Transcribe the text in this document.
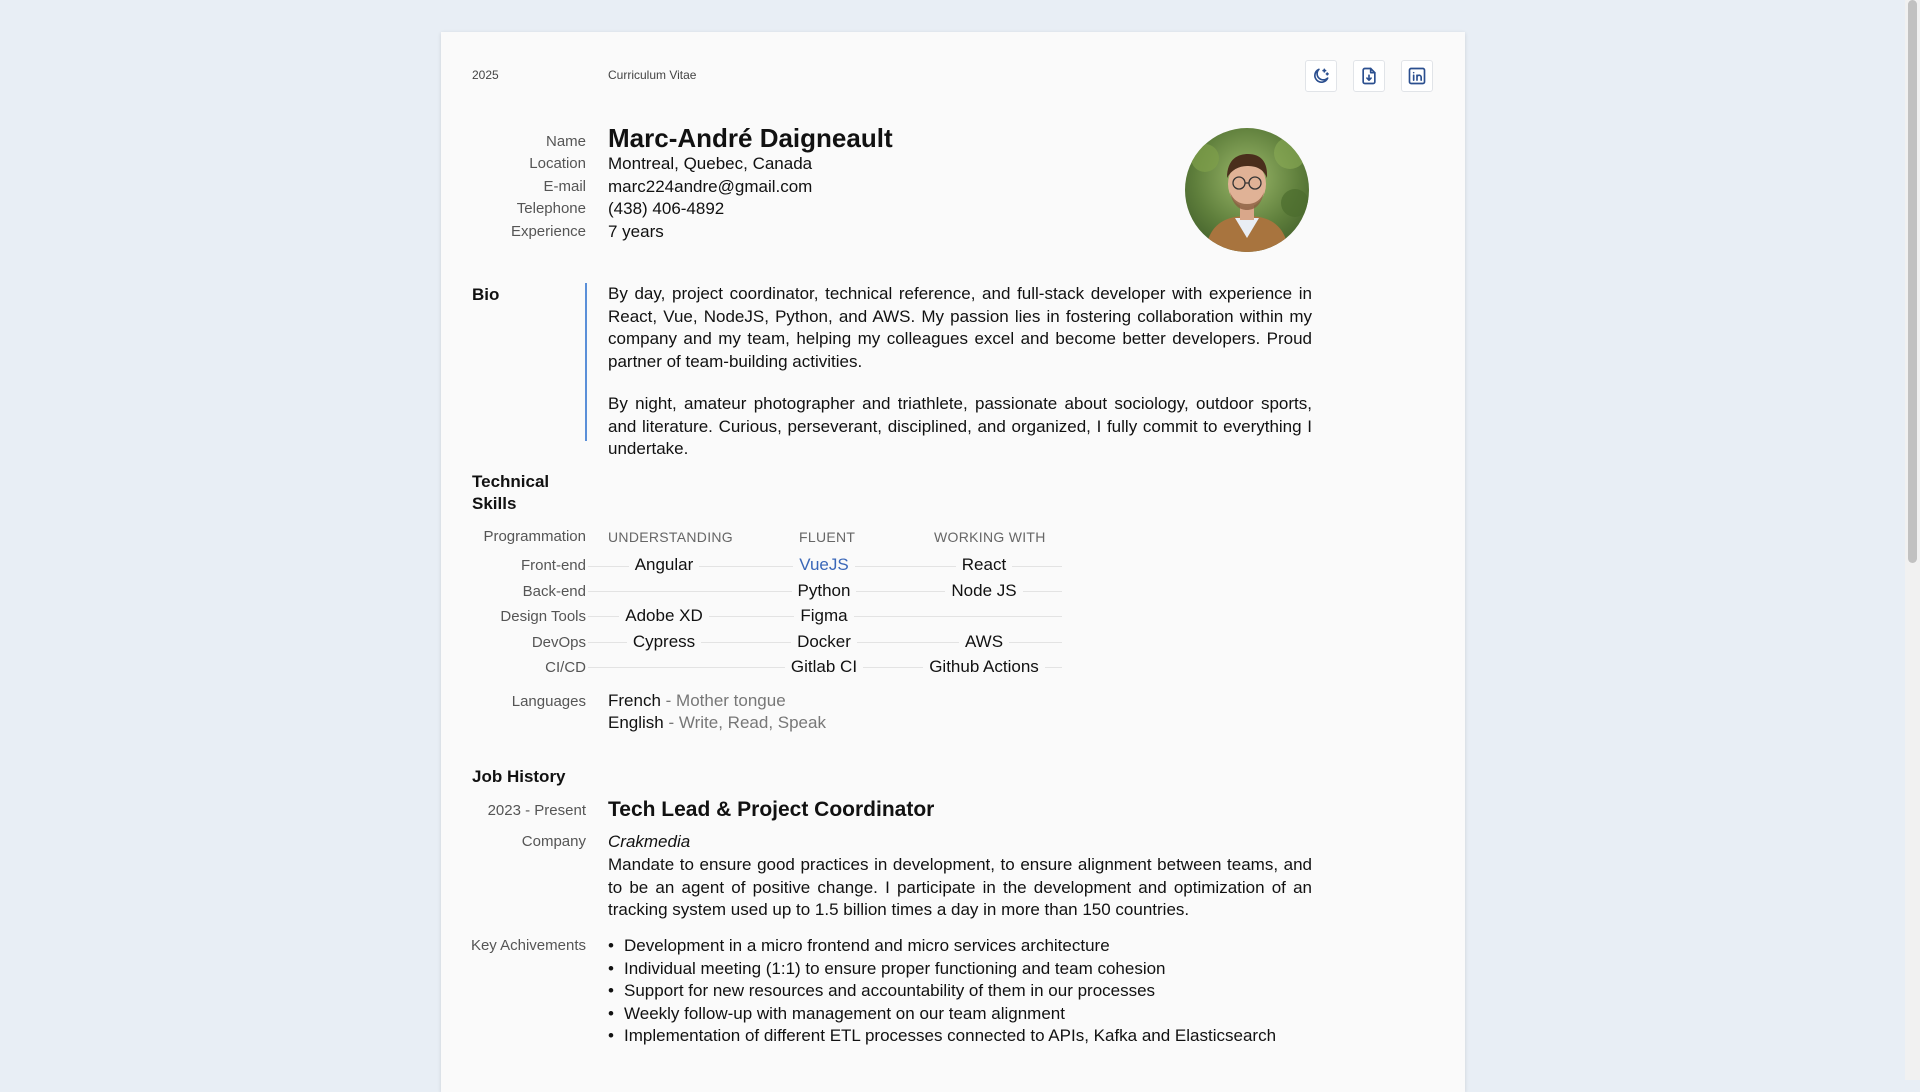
2025	Curriculum Vitae
Name Marc-André Daigneault
Location Montreal, Quebec, Canada
E-mail marc224andre@gmail.com
Telephone (438) 406-4892
Experience 7 years
Bio	By day, project coordinator, technical reference, and full-stack developer with experience in React, Vue, NodeJS, Python, and AWS. My passion lies in fostering collaboration within my company and my team, helping my colleagues excel and become better developers. Proud partner of team-building activities.
By night, amateur photographer and triathlete, passionate about sociology, outdoor sports, and literature. Curious, perseverant, disciplined, and organized, I fully commit to everything I undertake.
Technical
Skills
Programmation UNDERSTANDING	FLUENT	WORKING WITH
Front-end	Angular	VueJS	React
Back-end	Python	Node JS
Design Tools	Adobe XD	Figma
DevOps	Cypress	Docker	AWS
CI/CD	Gitlab CI	Github Actions
Languages French - Mother tongue
English - Write, Read, Speak
Job History
2023 - Present Tech Lead & Project Coordinator
Company Crakmedia
Mandate to ensure good practices in development, to ensure alignment between teams, and to be an agent of positive change. I participate in the development and optimization of an tracking system used up to 1.5 billion times a day in more than 150 countries.
Key Achivements
•	Development in a micro frontend and micro services architecture
• Individual meeting (1:1) to ensure proper functioning and team cohesion
• Support for new resources and accountability of them in our processes
• Weekly follow-up with management on our team alignment
• Implementation of different ETL processes connected to APIs, Kafka and Elasticsearch
